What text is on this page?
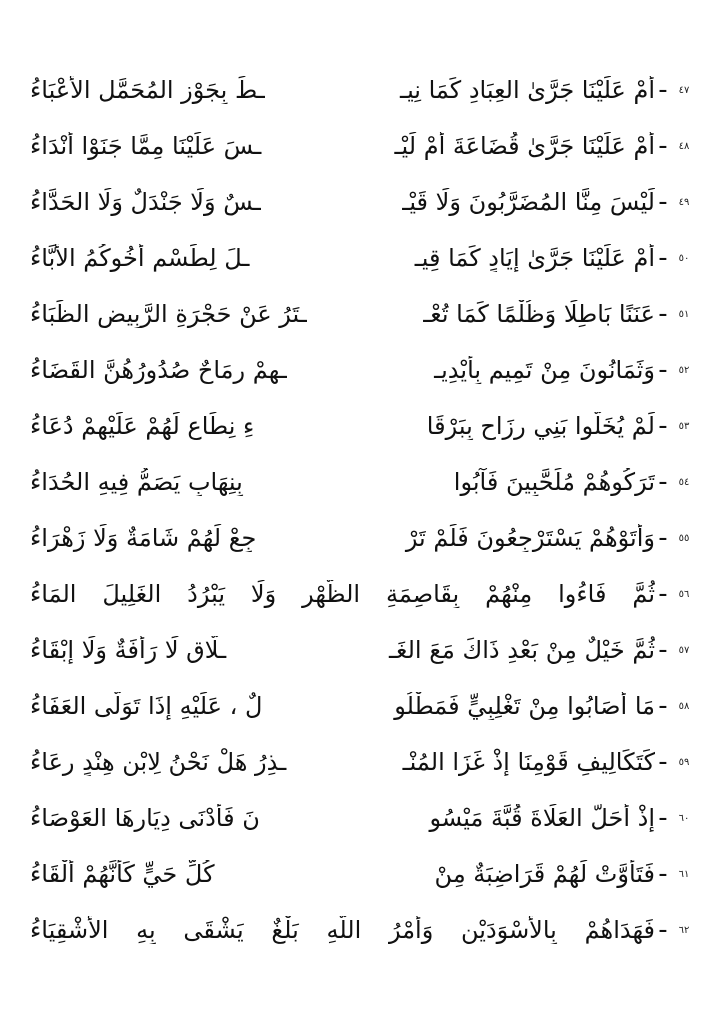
٤٧
-
أَمْ عَلَيْنَا جَرَّىٰ العِبَادِ كَمَا نِيـ
ـطَ بِجَوْزِ المُحَمَّلِ الأَعْبَاءُ
٤٨
-
أَمْ عَلَيْنَا جَرَّىٰ قُضَاعَةَ أَمْ لَيْـ
ـسَ عَلَيْنَا مِمَّا جَنَوْا أَنْدَاءُ
٤٩
-
لَيْسَ مِنَّا المُضَرَّبُونَ وَلَا قَيْـ
ـسٌ وَلَا جَنْدَلٌ وَلَا الحَدَّاءُ
٥٠
-
أَمْ عَلَيْنَا جَرَّىٰ إِيَادٍ كَمَا قِيـ
ـلَ لِطَسْمٍ أَخُوكُمُ الأَبَّاءُ
٥١
-
عَنَنًا بَاطِلًا وَظُلْمًا كَمَا تُعْـ
ـتَرُ عَنْ حَجْرَةِ الرَّبِيضِ الظِّبَاءُ
٥٢
-
وَثَمَانُونَ مِنْ تَمِيمٍ بِأَيْدِيـ
ـهِمْ رِمَاحٌ صُدُورُهُنَّ القَضَاءُ
٥٣
-
لَمْ يُخَلُّوا بَنِي رِزَاحٍ بِبَرْقَا
ءِ نِطَاعٍ لَهُمْ عَلَيْهِمْ دُعَاءُ
٥٤
-
تَرَكُوهُمْ مُلَحَّبِينَ فَآبُوا
بِنِهَابٍ يَصَمُّ فِيهِ الحُدَاءُ
٥٥
-
وَأَتَوْهُمْ يَسْتَرْجِعُونَ فَلَمْ تَرْ
جِعْ لَهُمْ شَامَةٌ وَلَا زَهْرَاءُ
٥٦
-
ثُمَّ فَاءُوا مِنْهُمْ بِقَاصِمَةِ الظَّهْرِ وَلَا يَبْرُدُ الغَلِيلَ المَاءُ
٥٧
-
ثُمَّ خَيْلٌ مِنْ بَعْدِ ذَاكَ مَعَ الغَـ
ـلَّاقِ لَا رَأْفَةٌ وَلَا إِبْقَاءُ
٥٨
-
مَا أَصَابُوا مِنْ تَغْلِبِيٍّ فَمَطْلُو
لٌ ، عَلَيْهِ إِذَا تَوَلَّى العَفَاءُ
٥٩
-
كَتَكَالِيفِ قَوْمِنَا إِذْ غَزَا المُنْـ
ـذِرُ هَلْ نَحْنُ لِابْنِ هِنْدٍ رِعَاءُ
٦٠
-
إِذْ أَحَلَّ العَلَاةَ قُبَّةَ مَيْسُو
نَ فَأَدْنَى دِيَارِهَا العَوْصَاءُ
٦١
-
فَتَأَوَّتْ لَهُمْ قَرَاضِبَةٌ مِنْ
كُلِّ حَيٍّ كَأَنَّهُمْ أَلْقَاءُ
٦٢
-
فَهَدَاهُمْ بِالأَسْوَدَيْنِ وَأَمْرُ اللَّهِ بَلْغٌ يَشْقَى بِهِ الأَشْقِيَاءُ
